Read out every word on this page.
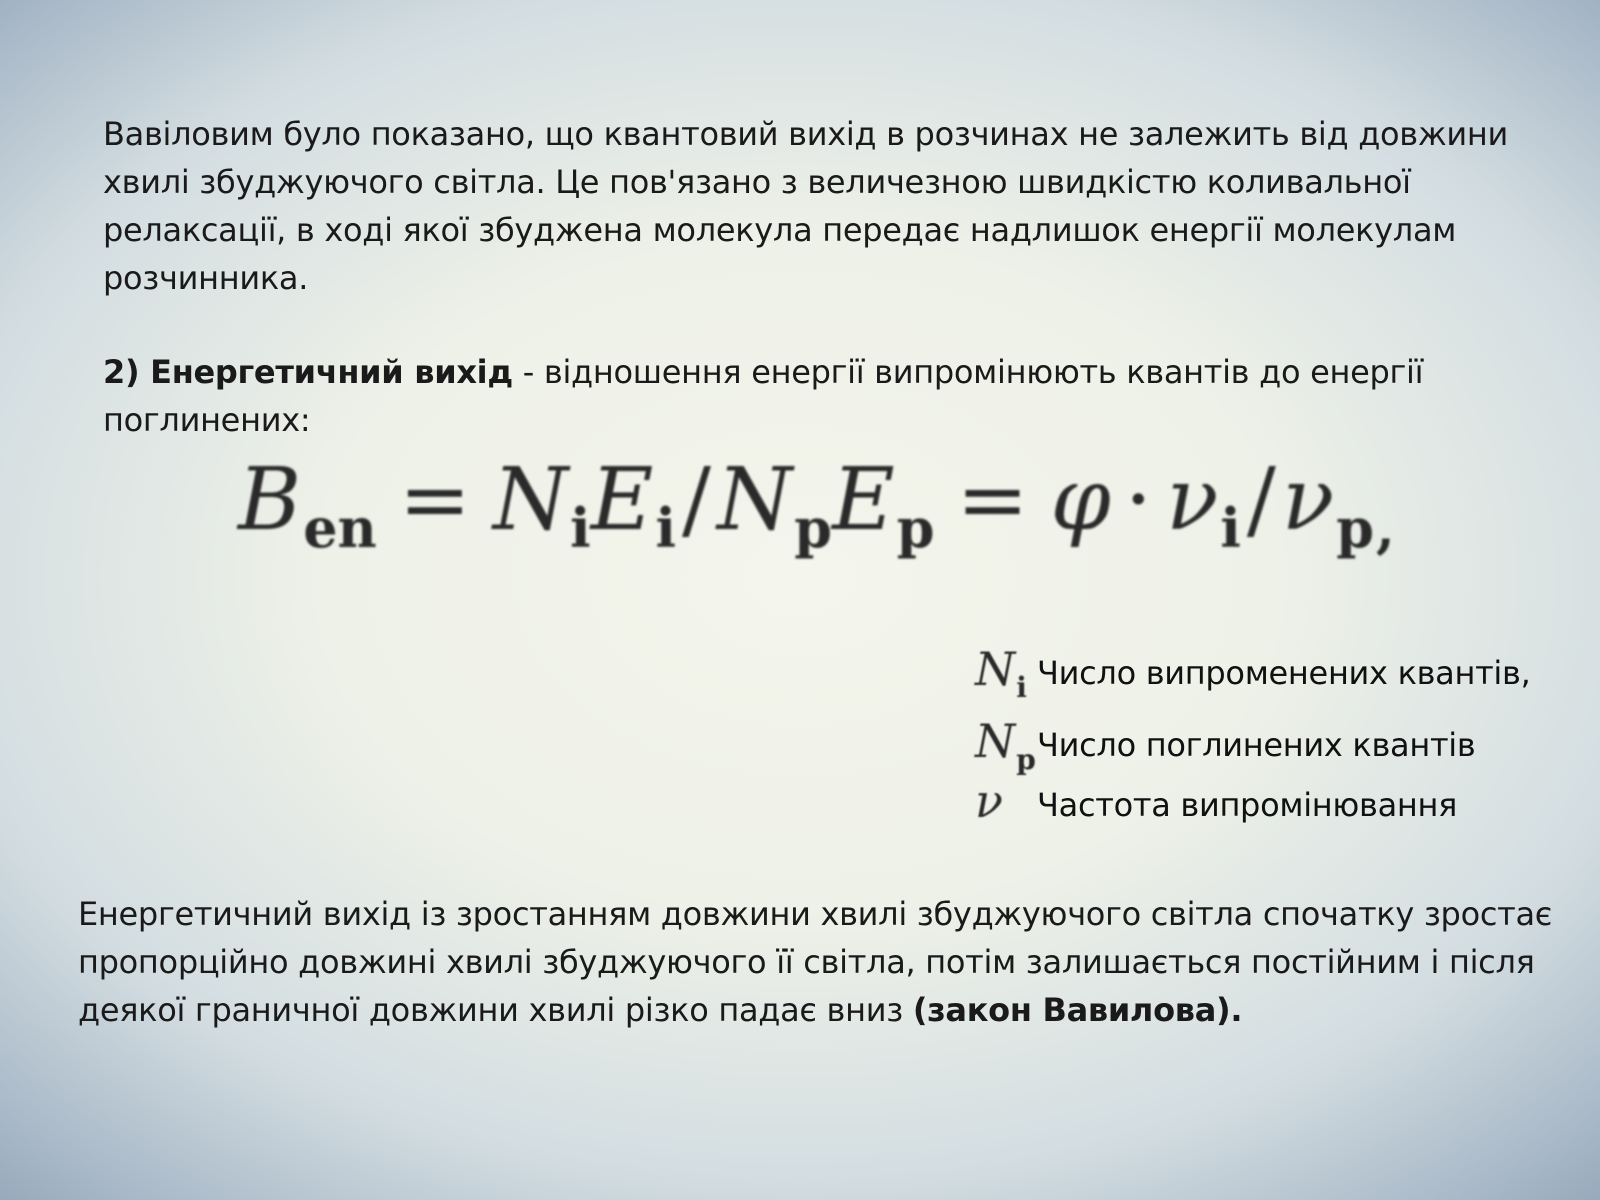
Вавіловим було показано, що квантовий вихід в розчинах не залежить від довжини хвилі збуджуючого світла. Це пов'язано з величезною швидкістю коливальної релаксації, в ході якої збуджена молекула передає надлишок енергії молекулам розчинника.

2) Енергетичний вихід - відношення енергії випромінюють квантів до енергії поглинених:

$B_{en} = N_iE_i/N_pE_p = \varphi \cdot \nu_i/\nu_{p,}$
$N_i$ Число випроменених квантів,
$N_p$ Число поглинених квантів
ν	Частота випромінювання

Енергетичний вихід із зростанням довжини хвилі збуджуючого світла спочатку зростає пропорційно довжині хвилі збуджуючого її світла, потім залишається постійним і після деякої граничної довжини хвилі різко падає вниз (закон Вавилова).
